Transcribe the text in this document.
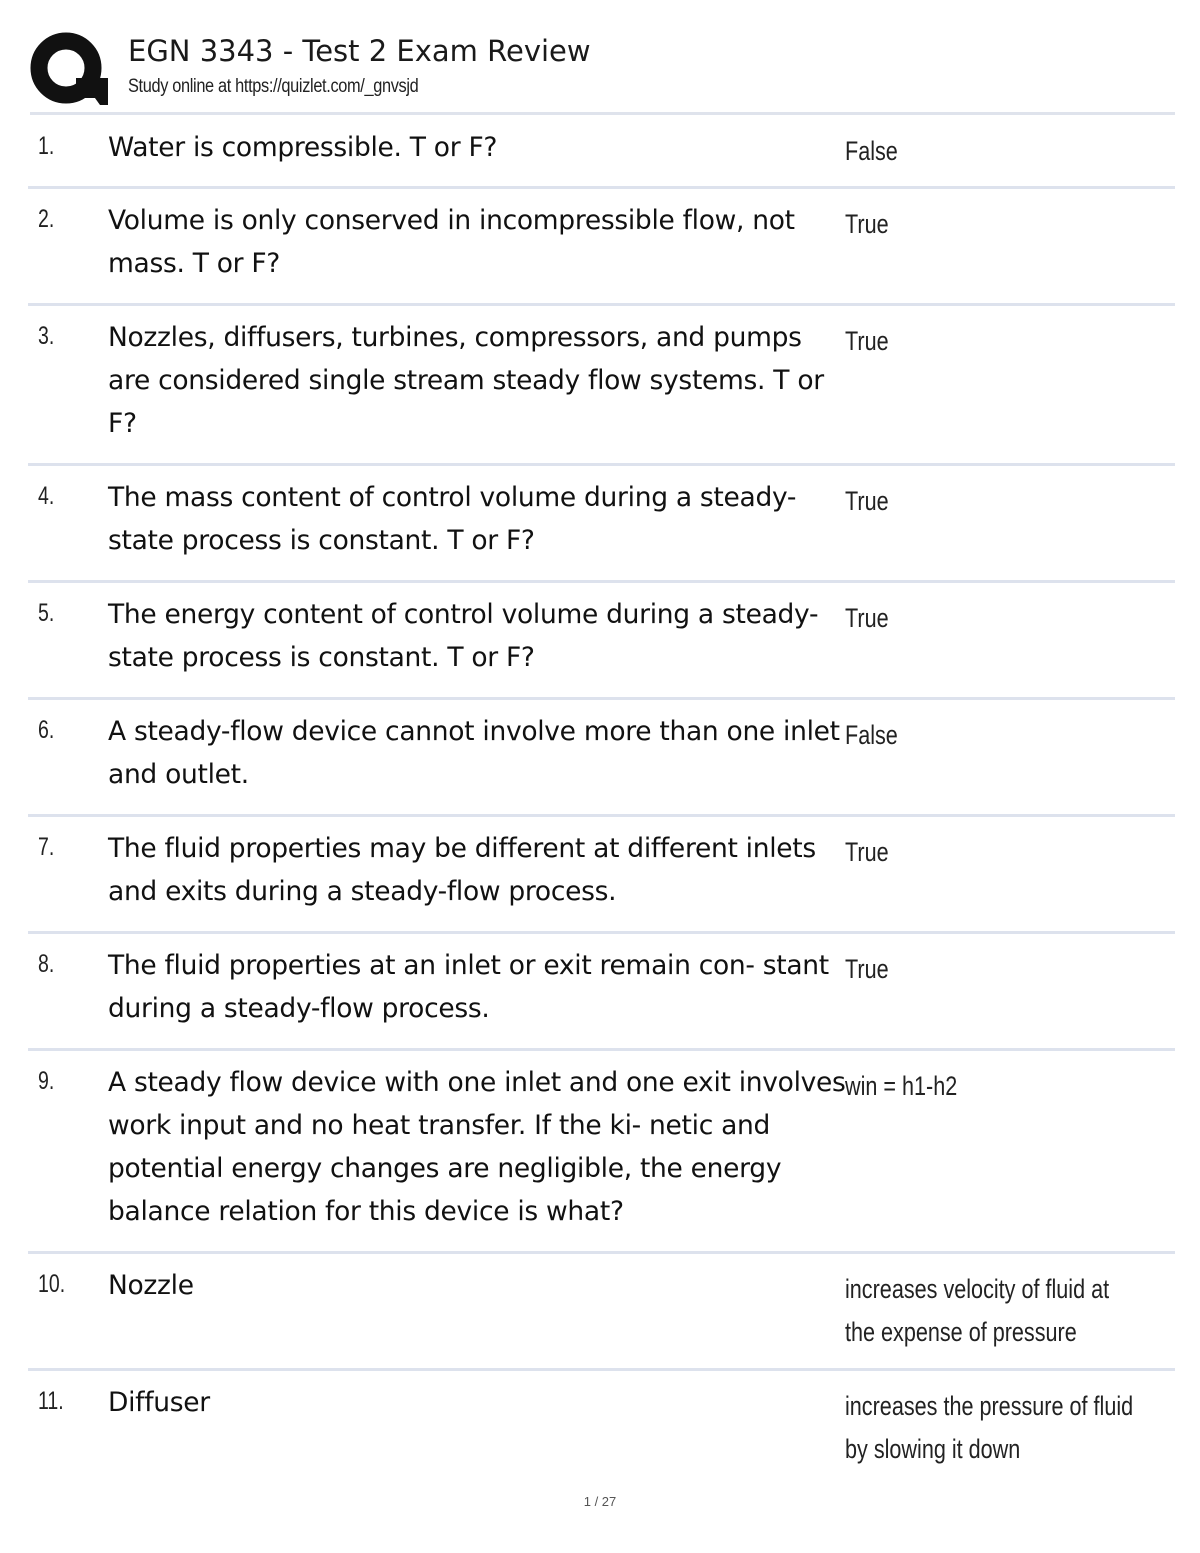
EGN 3343 - Test 2 Exam Review
Study online at https://quizlet.com/_gnvsjd
1. Water is compressible. T or F?	False
2. Volume is only conserved in incompressible flow, not mass. T or F?
True
3. Nozzles, diffusers, turbines, compressors, and pumps are considered single stream steady flow systems. T or F?
True
4. The mass content of control volume during a steady-state process is constant. T or F?
True
5. The energy content of control volume during a steady-state process is constant. T or F?
True
6. A steady-flow device cannot involve more than one inlet and outlet.
False
7. The fluid properties may be different at different inlets and exits during a steady-flow process.
True
8. The fluid properties at an inlet or exit remain con- stant during a steady-flow process.
True
9. A steady flow device with one inlet and one exit involves work input and no heat transfer. If the ki- netic and potential energy changes are negligible, the energy balance relation for this device is what?
win = h1-h2
10. Nozzle	increases velocity of fluid at the expense of pressure
11. Diffuser	increases the pressure of fluid by slowing it down
1 / 27
